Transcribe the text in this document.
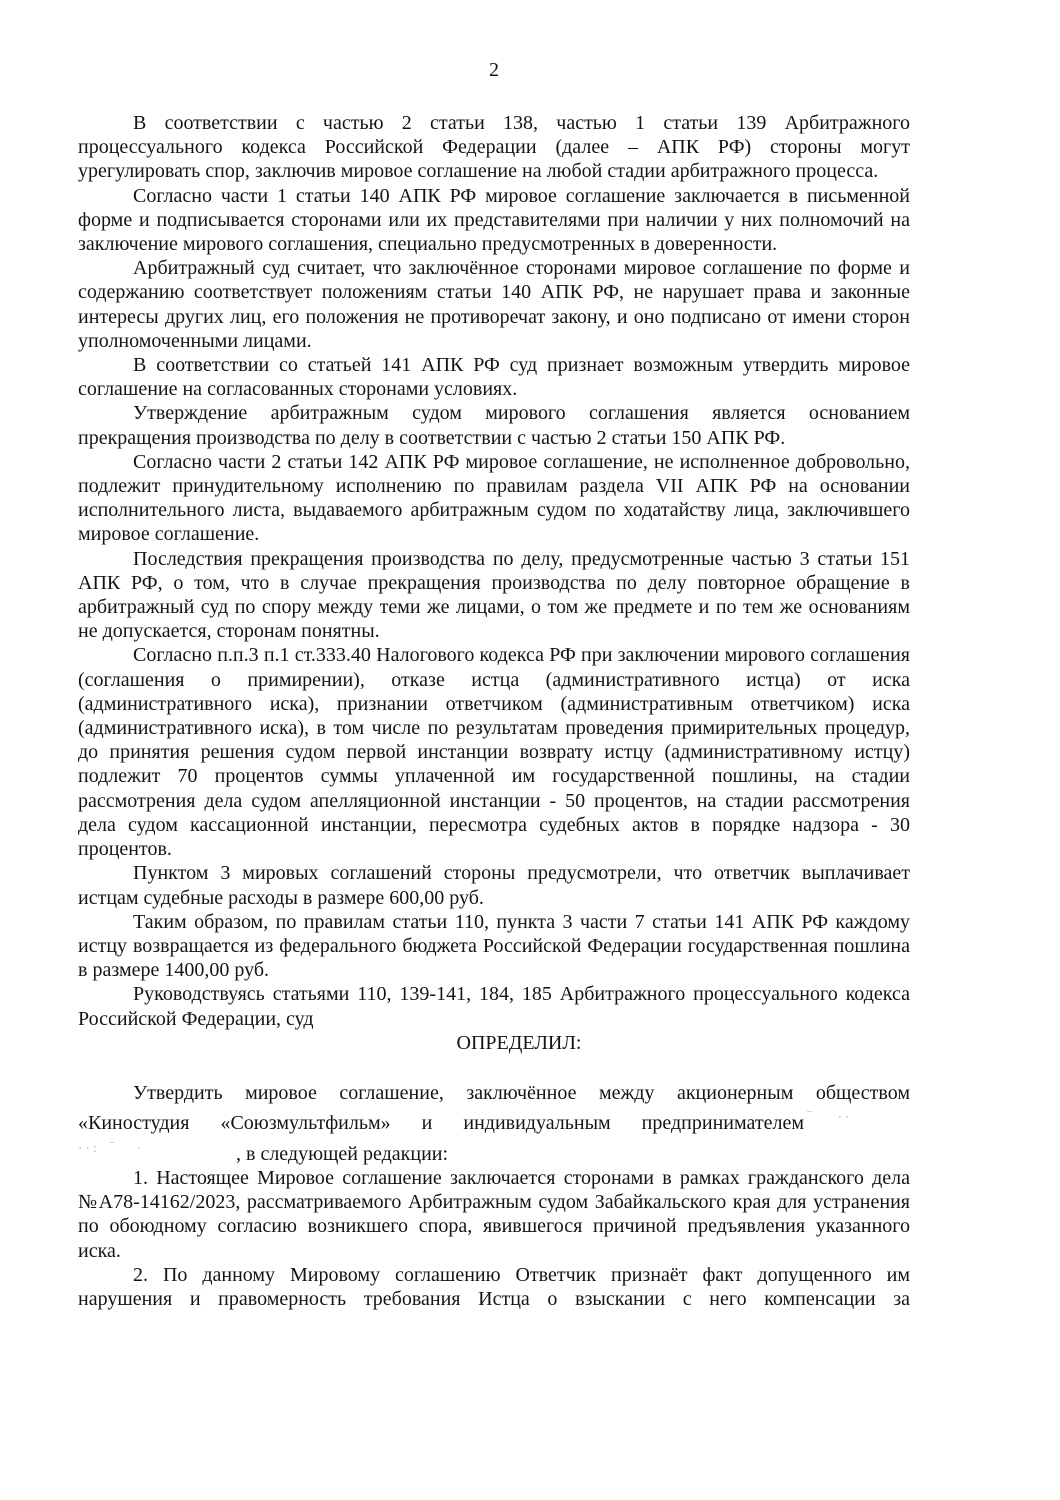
2

В соответствии с частью 2 статьи 138, частью 1 статьи 139 Арбитражного процессуального кодекса Российской Федерации (далее – АПК РФ) стороны могут урегулировать спор, заключив мировое соглашение на любой стадии арбитражного процесса.

Согласно части 1 статьи 140 АПК РФ мировое соглашение заключается в письменной форме и подписывается сторонами или их представителями при наличии у них полномочий на заключение мирового соглашения, специально предусмотренных в доверенности.

Арбитражный суд считает, что заключённое сторонами мировое соглашение по форме и содержанию соответствует положениям статьи 140 АПК РФ, не нарушает права и законные интересы других лиц, его положения не противоречат закону, и оно подписано от имени сторон уполномоченными лицами.

В соответствии со статьей 141 АПК РФ суд признает возможным утвердить мировое соглашение на согласованных сторонами условиях.

Утверждение арбитражным судом мирового соглашения является основанием прекращения производства по делу в соответствии с частью 2 статьи 150 АПК РФ.

Согласно части 2 статьи 142 АПК РФ мировое соглашение, не исполненное добровольно, подлежит принудительному исполнению по правилам раздела VII АПК РФ на основании исполнительного листа, выдаваемого арбитражным судом по ходатайству лица, заключившего мировое соглашение.

Последствия прекращения производства по делу, предусмотренные частью 3 статьи 151 АПК РФ, о том, что в случае прекращения производства по делу повторное обращение в арбитражный суд по спору между теми же лицами, о том же предмете и по тем же основаниям не допускается, сторонам понятны.

Согласно п.п.3 п.1 ст.333.40 Налогового кодекса РФ при заключении мирового соглашения (соглашения о примирении), отказе истца (административного истца) от иска (административного иска), признании ответчиком (административным ответчиком) иска (административного иска), в том числе по результатам проведения примирительных процедур, до принятия решения судом первой инстанции возврату истцу (административному истцу) подлежит 70 процентов суммы уплаченной им государственной пошлины, на стадии рассмотрения дела судом апелляционной инстанции - 50 процентов, на стадии рассмотрения дела судом кассационной инстанции, пересмотра судебных актов в порядке надзора - 30 процентов.

Пунктом 3 мировых соглашений стороны предусмотрели, что ответчик выплачивает истцам судебные расходы в размере 600,00 руб.

Таким образом, по правилам статьи 110, пункта 3 части 7 статьи 141 АПК РФ каждому истцу возвращается из федерального бюджета Российской Федерации государственная пошлина в размере 1400,00 руб.

Руководствуясь статьями 110, 139-141, 184, 185 Арбитражного процессуального кодекса Российской Федерации, суд

ОПРЕДЕЛИЛ:

Утвердить мировое соглашение, заключённое между акционерным обществом «Киностудия «Союзмультфильм» и индивидуальным предпринимателем ‾        · ·· · :    ‾       ·	, в следующей редакции:

1. Настоящее Мировое соглашение заключается сторонами в рамках гражданского дела №А78-14162/2023, рассматриваемого Арбитражным судом Забайкальского края для устранения по обоюдному согласию возникшего спора, явившегося причиной предъявления указанного иска.

2. По данному Мировому соглашению Ответчик признаёт факт допущенного им нарушения и правомерность требования Истца о взыскании с него компенсации за
